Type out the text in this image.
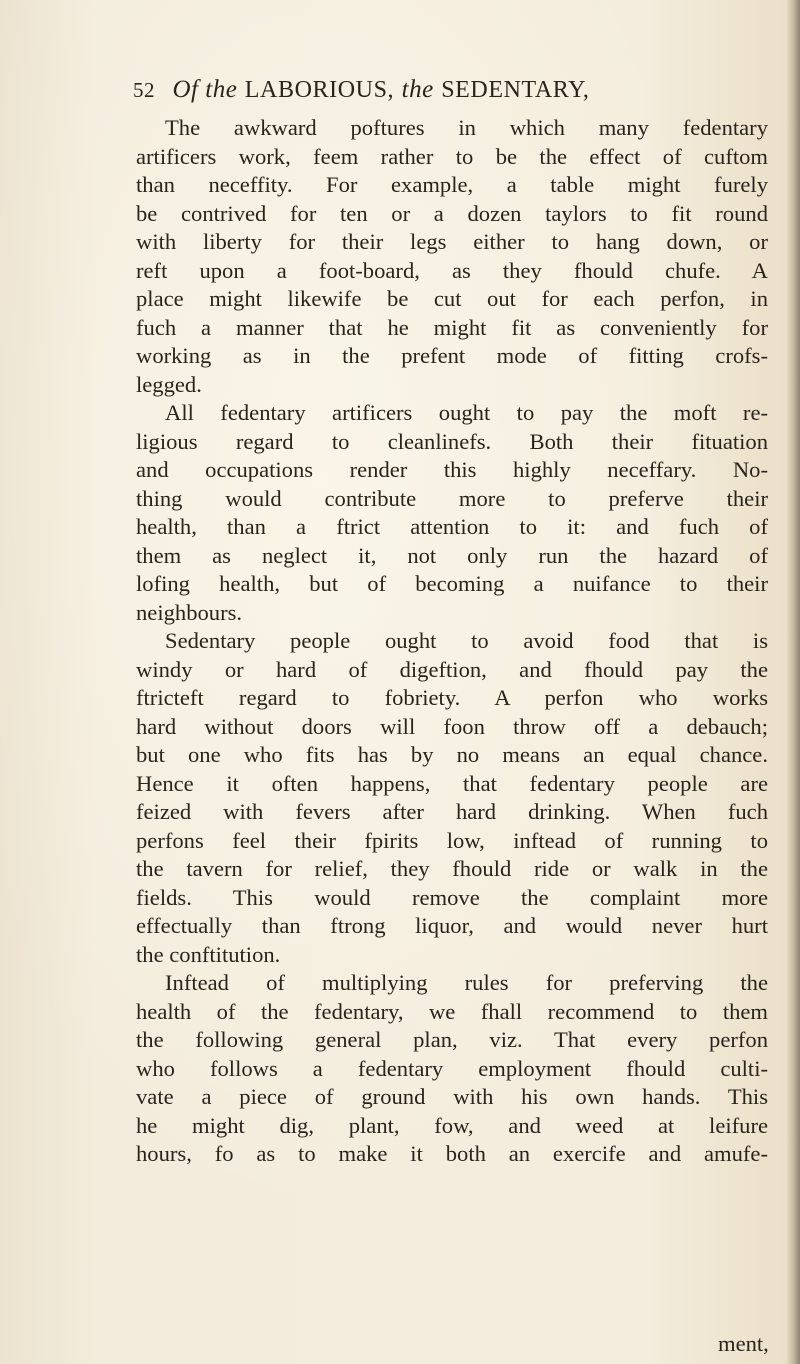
52 Of the LABORIOUS, the SEDENTARY,
The awkward poftures in which many fedentary
artificers work, feem rather to be the effect of cuftom
than neceffity. For example, a table might furely
be contrived for ten or a dozen taylors to fit round
with liberty for their legs either to hang down, or
reft upon a foot-board, as they fhould chufe. A
place might likewife be cut out for each perfon, in
fuch a manner that he might fit as conveniently for
working as in the prefent mode of fitting crofs-
legged.
All fedentary artificers ought to pay the moft re-
ligious regard to cleanlinefs. Both their fituation
and occupations render this highly neceffary. No-
thing would contribute more to preferve their
health, than a ftrict attention to it: and fuch of
them as neglect it, not only run the hazard of
lofing health, but of becoming a nuifance to their
neighbours.
Sedentary people ought to avoid food that is
windy or hard of digeftion, and fhould pay the
ftricteft regard to fobriety. A perfon who works
hard without doors will foon throw off a debauch;
but one who fits has by no means an equal chance.
Hence it often happens, that fedentary people are
feized with fevers after hard drinking. When fuch
perfons feel their fpirits low, inftead of running to
the tavern for relief, they fhould ride or walk in the
fields. This would remove the complaint more
effectually than ftrong liquor, and would never hurt
the conftitution.
Inftead of multiplying rules for preferving the
health of the fedentary, we fhall recommend to them
the following general plan, viz. That every perfon
who follows a fedentary employment fhould culti-
vate a piece of ground with his own hands. This
he might dig, plant, fow, and weed at leifure
hours, fo as to make it both an exercife and amufe-
ment,
